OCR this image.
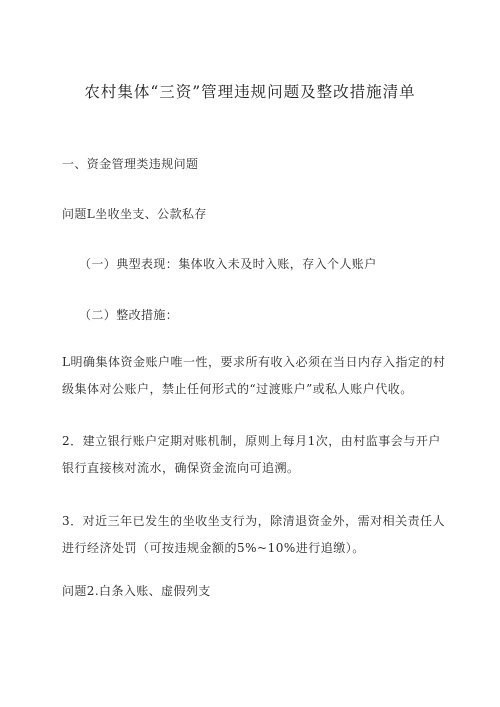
农村集体“三资”管理违规问题及整改措施清单
一、资金管理类违规问题
问题L坐收坐支、公款私存
（一）典型表现：集体收入未及时入账，存入个人账户
（二）整改措施：
L明确集体资金账户唯一性，要求所有收入必须在当日内存入指定的村
级集体对公账户，禁止任何形式的“过渡账户”或私人账户代收。
2．建立银行账户定期对账机制，原则上每月1次，由村监事会与开户
银行直接核对流水，确保资金流向可追溯。
3．对近三年已发生的坐收坐支行为，除清退资金外，需对相关责任人
进行经济处罚（可按违规金额的5%~10%进行追缴）。
问题2.白条入账、虚假列支
